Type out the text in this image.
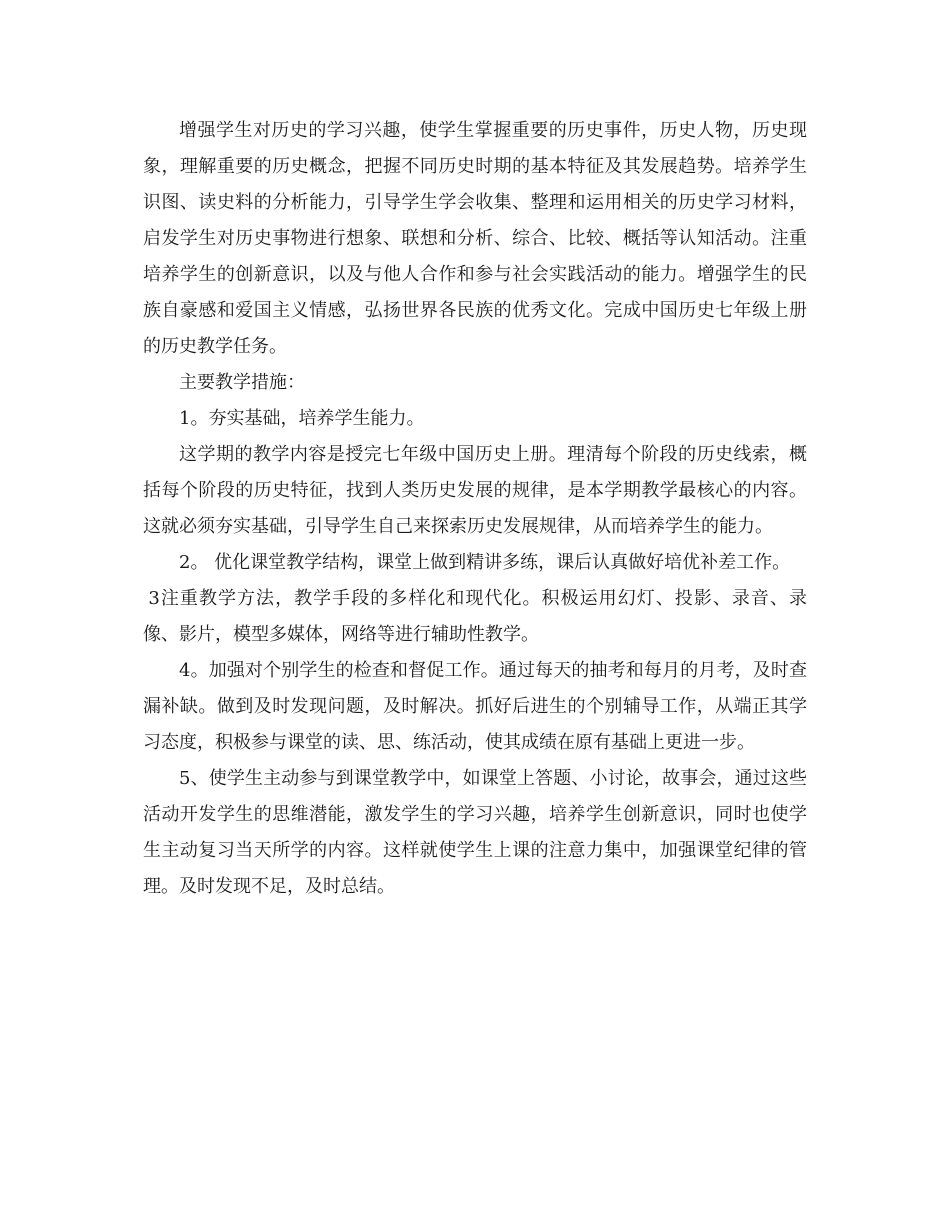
增强学生对历史的学习兴趣，使学生掌握重要的历史事件，历史人物，历史现象，理解重要的历史概念，把握不同历史时期的基本特征及其发展趋势。培养学生识图、读史料的分析能力，引导学生学会收集、整理和运用相关的历史学习材料，启发学生对历史事物进行想象、联想和分析、综合、比较、概括等认知活动。注重培养学生的创新意识，以及与他人合作和参与社会实践活动的能力。增强学生的民族自豪感和爱国主义情感，弘扬世界各民族的优秀文化。完成中国历史七年级上册的历史教学任务。

主要教学措施：

1。夯实基础，培养学生能力。

这学期的教学内容是授完七年级中国历史上册。理清每个阶段的历史线索，概括每个阶段的历史特征，找到人类历史发展的规律，是本学期教学最核心的内容。这就必须夯实基础，引导学生自己来探索历史发展规律，从而培养学生的能力。

2。 优化课堂教学结构，课堂上做到精讲多练，课后认真做好培优补差工作。

3注重教学方法，教学手段的多样化和现代化。积极运用幻灯、投影、录音、录像、影片，模型多媒体，网络等进行辅助性教学。

4。加强对个别学生的检查和督促工作。通过每天的抽考和每月的月考，及时查漏补缺。做到及时发现问题，及时解决。抓好后进生的个别辅导工作，从端正其学习态度，积极参与课堂的读、思、练活动，使其成绩在原有基础上更进一步。

5、使学生主动参与到课堂教学中，如课堂上答题、小讨论，故事会，通过这些活动开发学生的思维潜能，激发学生的学习兴趣，培养学生创新意识，同时也使学生主动复习当天所学的内容。这样就使学生上课的注意力集中，加强课堂纪律的管理。及时发现不足，及时总结。
